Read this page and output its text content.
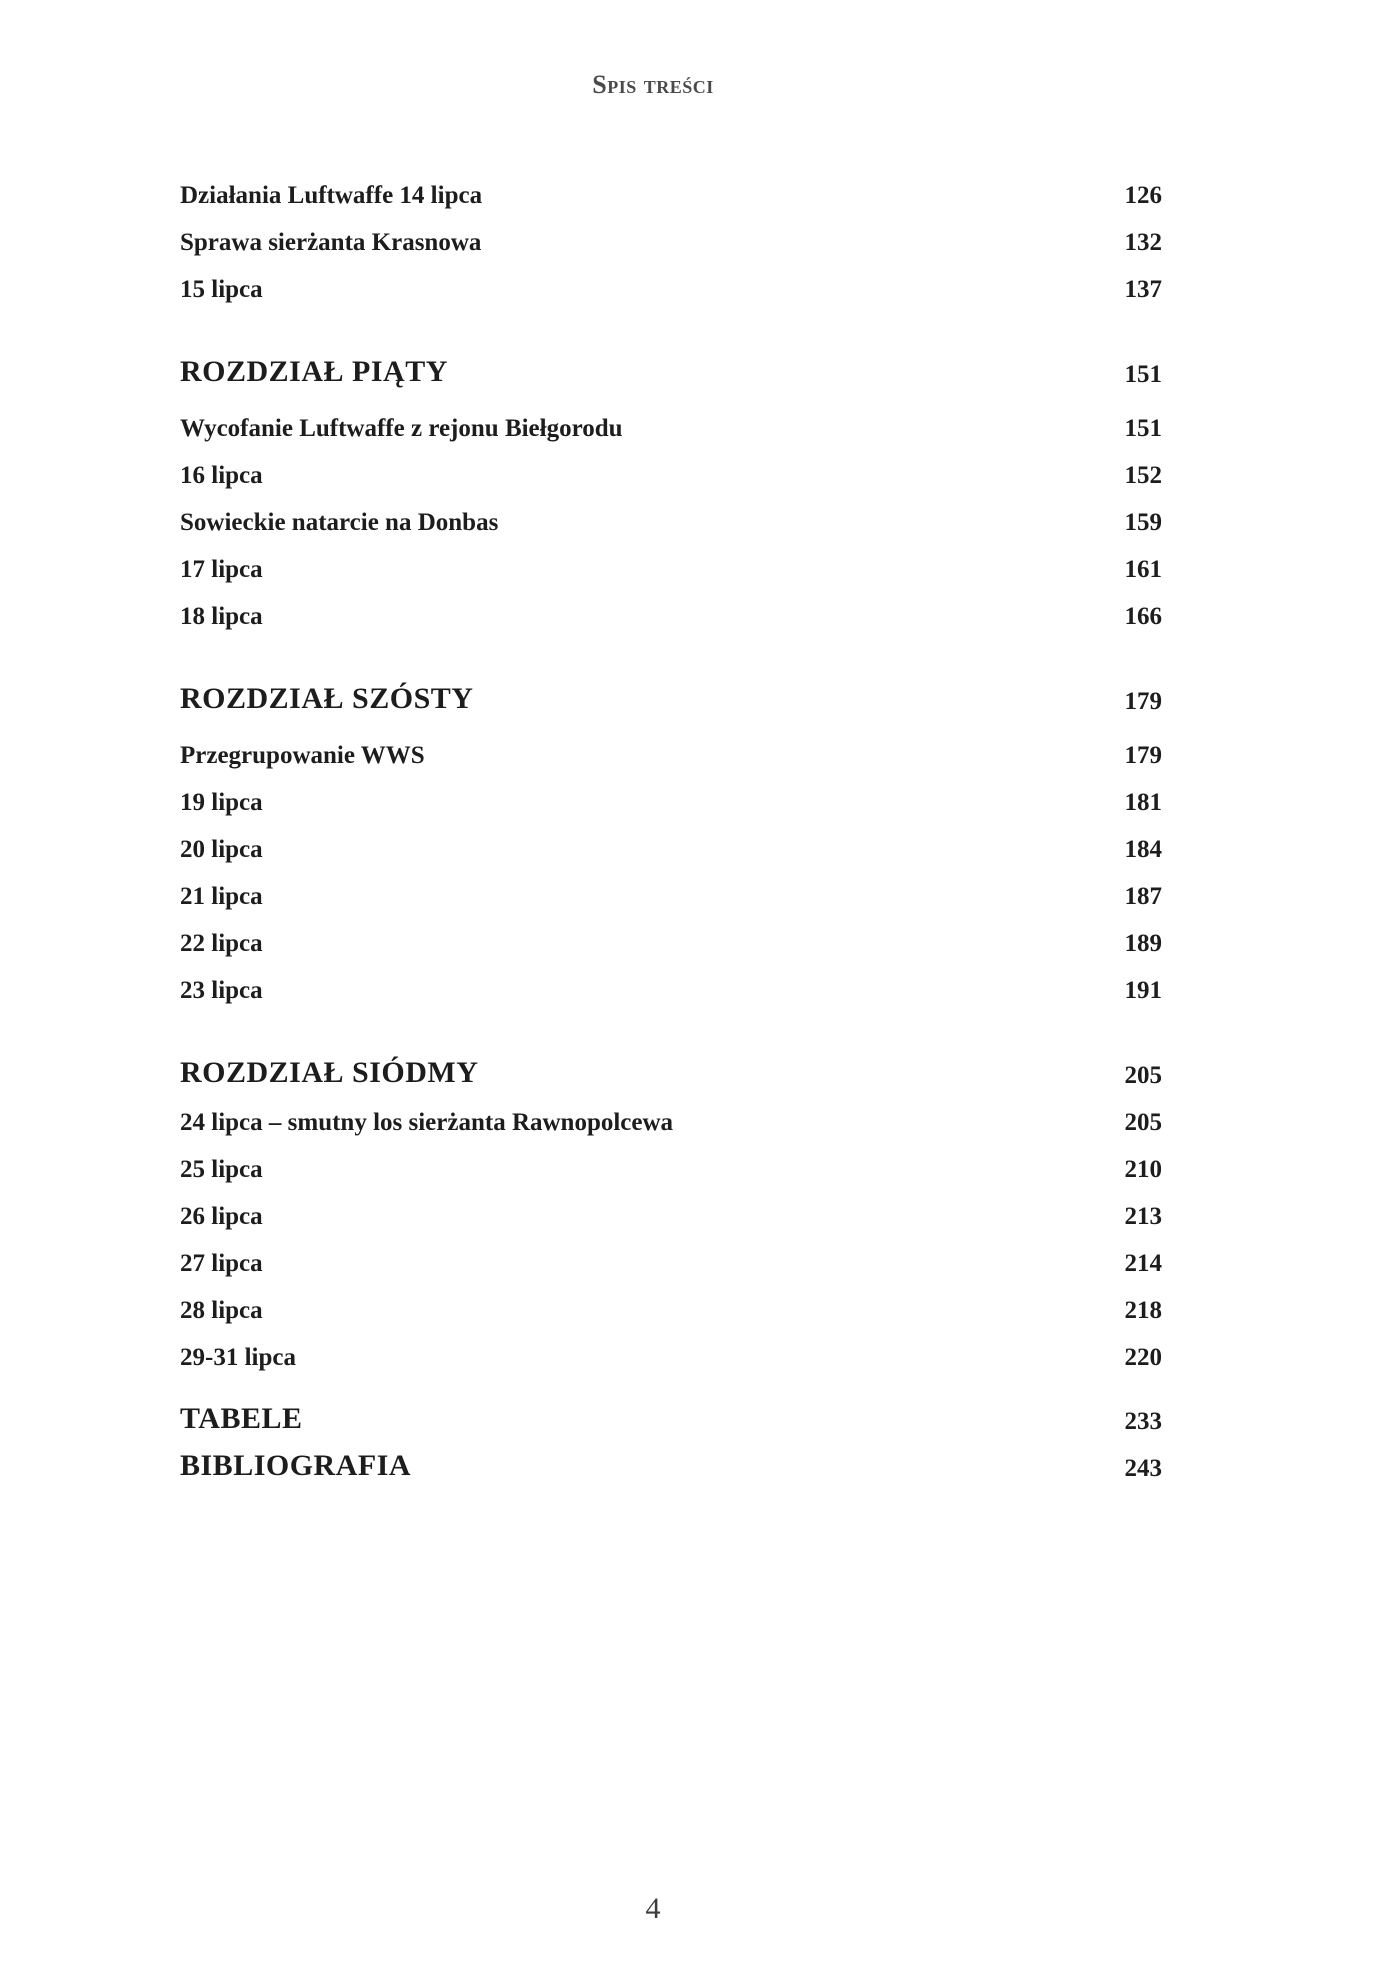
Spis treści
Działania Luftwaffe 14 lipca	126
Sprawa sierżanta Krasnowa	132
15 lipca	137
ROZDZIAŁ PIĄTY	151
Wycofanie Luftwaffe z rejonu Biełgorodu	151
16 lipca	152
Sowieckie natarcie na Donbas	159
17 lipca	161
18 lipca	166
ROZDZIAŁ SZÓSTY	179
Przegrupowanie WWS	179
19 lipca	181
20 lipca	184
21 lipca	187
22 lipca	189
23 lipca	191
ROZDZIAŁ SIÓDMY	205
24 lipca – smutny los sierżanta Rawnopolcewa	205
25 lipca	210
26 lipca	213
27 lipca	214
28 lipca	218
29-31 lipca	220
TABELE	233
BIBLIOGRAFIA	243
4
